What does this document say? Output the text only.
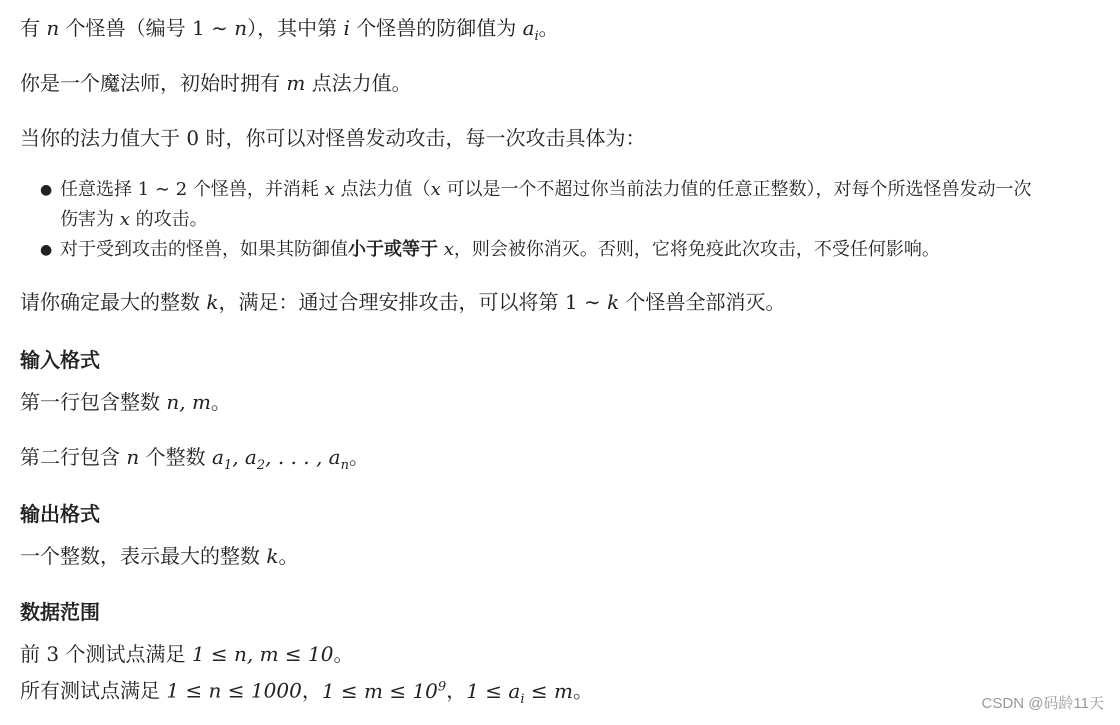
有 n 个怪兽（编号 1 ∼ n），其中第 i 个怪兽的防御值为 $a_i$。
你是一个魔法师，初始时拥有 m 点法力值。
当你的法力值大于 0 时，你可以对怪兽发动攻击，每一次攻击具体为：
● 任意选择 1 ∼ 2 个怪兽，并消耗 x 点法力值（x 可以是一个不超过你当前法力值的任意正整数），对每个所选怪兽发动一次
伤害为 x 的攻击。
● 对于受到攻击的怪兽，如果其防御值小于或等于 x，则会被你消灭。否则，它将免疫此次攻击，不受任何影响。
请你确定最大的整数 k，满足：通过合理安排攻击，可以将第 1 ∼ k 个怪兽全部消灭。
输入格式
第一行包含整数 n, m。
第二行包含 n 个整数 $a_1$, $a_2$, . . . , $a_n$。
输出格式
一个整数，表示最大的整数 k。
数据范围
前 3 个测试点满足 1 ≤ n, m ≤ 10。
所有测试点满足 1 ≤ n ≤ 1000，$1 \le m \le 10^9$，$1 \le a_i \le m$。
CSDN @码龄11天
